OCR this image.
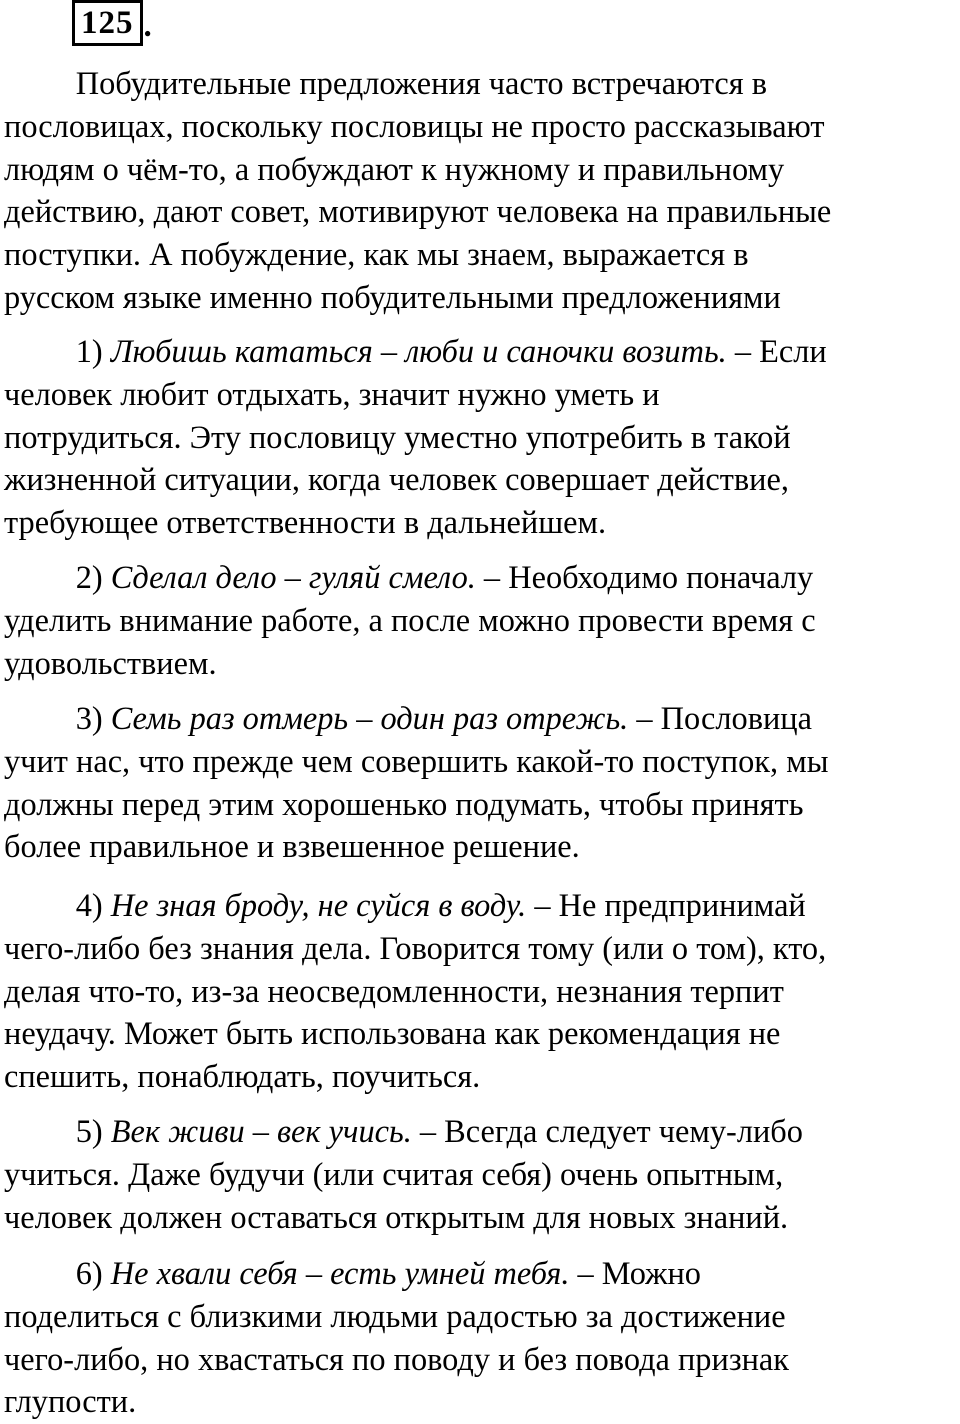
125 .

Побудительные предложения часто встречаются в
пословицах, поскольку пословицы не просто рассказывают
людям о чём-то, а побуждают к нужному и правильному
действию, дают совет, мотивируют человека на правильные
поступки. А побуждение, как мы знаем, выражается в
русском языке именно побудительными предложениями

1) Любишь кататься – люби и саночки возить. – Если
человек любит отдыхать, значит нужно уметь и
потрудиться. Эту пословицу уместно употребить в такой
жизненной ситуации, когда человек совершает действие,
требующее ответственности в дальнейшем.

2) Сделал дело – гуляй смело. – Необходимо поначалу
уделить внимание работе, а после можно провести время с
удовольствием.

3) Семь раз отмерь – один раз отрежь. – Пословица
учит нас, что прежде чем совершить какой-то поступок, мы
должны перед этим хорошенько подумать, чтобы принять
более правильное и взвешенное решение.

4) Не зная броду, не суйся в воду. – Не предпринимай
чего-либо без знания дела. Говорится тому (или о том), кто,
делая что-то, из-за неосведомленности, незнания терпит
неудачу. Может быть использована как рекомендация не
спешить, понаблюдать, поучиться.

5) Век живи – век учись. – Всегда следует чему-либо
учиться. Даже будучи (или считая себя) очень опытным,
человек должен оставаться открытым для новых знаний.

6) Не хвали себя – есть умней тебя. – Можно
поделиться с близкими людьми радостью за достижение
чего-либо, но хвастаться по поводу и без повода признак
глупости.
